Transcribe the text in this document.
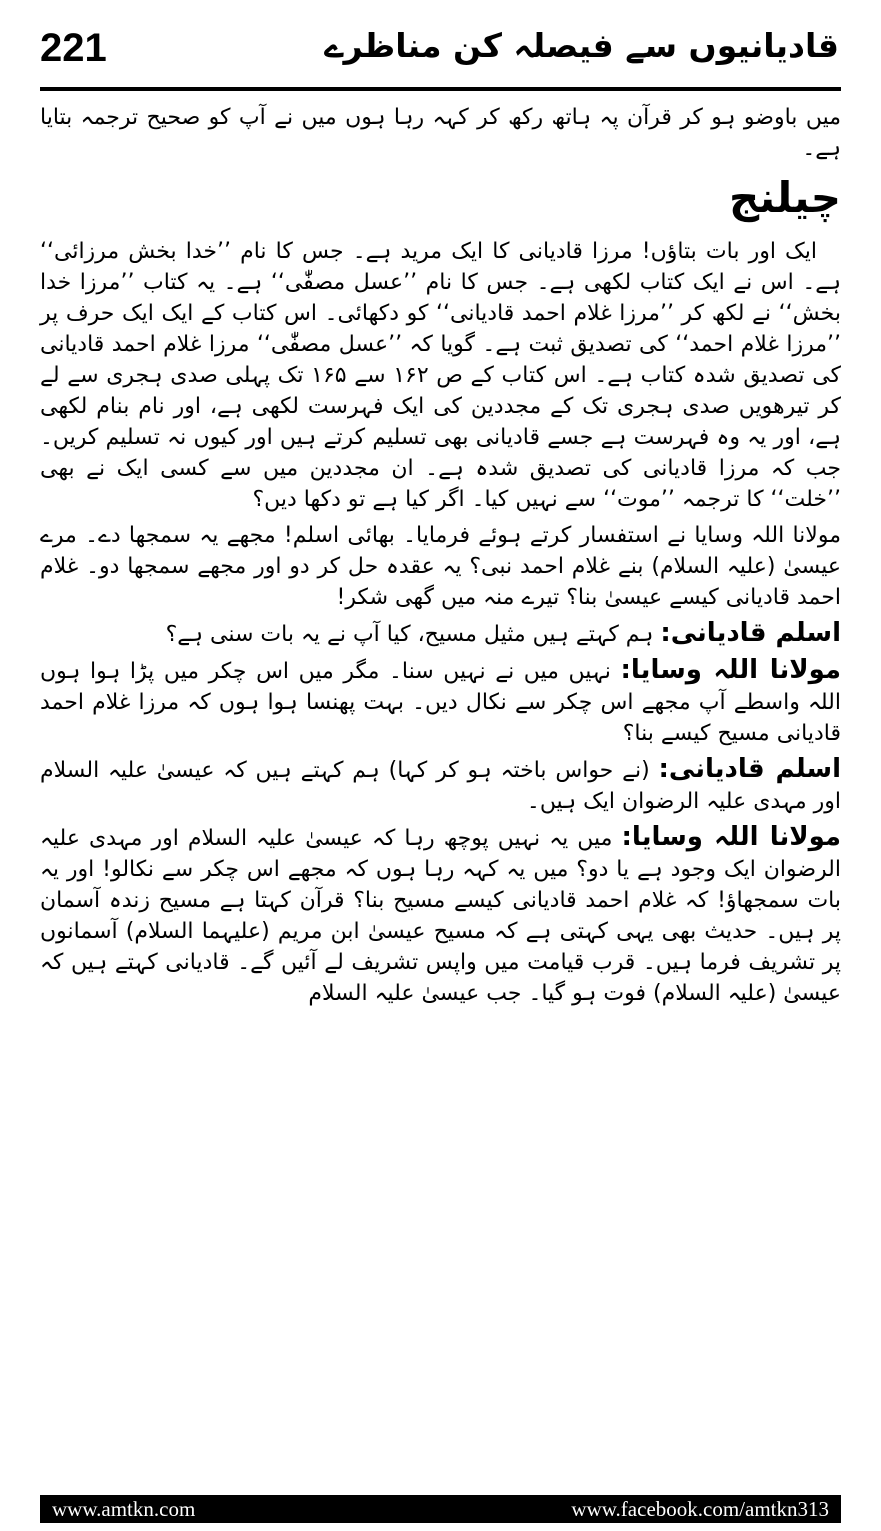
قادیانیوں سے فیصلہ کن مناظرے
221

میں باوضو ہو کر قرآن پہ ہاتھ رکھ کر کہہ رہا ہوں میں نے آپ کو صحیح ترجمہ بتایا ہے۔

چیلنج

ایک اور بات بتاؤں! مرزا قادیانی کا ایک مرید ہے۔ جس کا نام ’’خدا بخش مرزائی‘‘ ہے۔ اس نے ایک کتاب لکھی ہے۔ جس کا نام ’’عسل مصفّٰی‘‘ ہے۔ یہ کتاب ’’مرزا خدا بخش‘‘ نے لکھ کر ’’مرزا غلام احمد قادیانی‘‘ کو دکھائی۔ اس کتاب کے ایک ایک حرف پر ’’مرزا غلام احمد‘‘ کی تصدیق ثبت ہے۔ گویا کہ ’’عسل مصفّٰی‘‘ مرزا غلام احمد قادیانی کی تصدیق شدہ کتاب ہے۔ اس کتاب کے ص ۱۶۲ سے ۱۶۵ تک پہلی صدی ہجری سے لے کر تیرھویں صدی ہجری تک کے مجددین کی ایک فہرست لکھی ہے، اور نام بنام لکھی ہے، اور یہ وہ فہرست ہے جسے قادیانی بھی تسلیم کرتے ہیں اور کیوں نہ تسلیم کریں۔ جب کہ مرزا قادیانی کی تصدیق شدہ ہے۔ ان مجددین میں سے کسی ایک نے بھی ’’خلت‘‘ کا ترجمہ ’’موت‘‘ سے نہیں کیا۔ اگر کیا ہے تو دکھا دیں؟

مولانا اللہ وسایا نے استفسار کرتے ہوئے فرمایا۔ بھائی اسلم! مجھے یہ سمجھا دے۔ مرے عیسیٰ (علیہ السلام) بنے غلام احمد نبی؟ یہ عقدہ حل کر دو اور مجھے سمجھا دو۔ غلام احمد قادیانی کیسے عیسیٰ بنا؟ تیرے منہ میں گھی شکر!

اسلم قادیانی: ہم کہتے ہیں مثیل مسیح، کیا آپ نے یہ بات سنی ہے؟

مولانا اللہ وسایا: نہیں میں نے نہیں سنا۔ مگر میں اس چکر میں پڑا ہوا ہوں اللہ واسطے آپ مجھے اس چکر سے نکال دیں۔ بہت پھنسا ہوا ہوں کہ مرزا غلام احمد قادیانی مسیح کیسے بنا؟

اسلم قادیانی: (نے حواس باختہ ہو کر کہا) ہم کہتے ہیں کہ عیسیٰ علیہ السلام اور مہدی علیہ الرضوان ایک ہیں۔

مولانا اللہ وسایا: میں یہ نہیں پوچھ رہا کہ عیسیٰ علیہ السلام اور مہدی علیہ الرضوان ایک وجود ہے یا دو؟ میں یہ کہہ رہا ہوں کہ مجھے اس چکر سے نکالو! اور یہ بات سمجھاؤ! کہ غلام احمد قادیانی کیسے مسیح بنا؟ قرآن کہتا ہے مسیح زندہ آسمان پر ہیں۔ حدیث بھی یہی کہتی ہے کہ مسیح عیسیٰ ابن مریم (علیہما السلام) آسمانوں پر تشریف فرما ہیں۔ قرب قیامت میں واپس تشریف لے آئیں گے۔ قادیانی کہتے ہیں کہ عیسیٰ (علیہ السلام) فوت ہو گیا۔ جب عیسیٰ علیہ السلام

www.amtkn.com	www.facebook.com/amtkn313
